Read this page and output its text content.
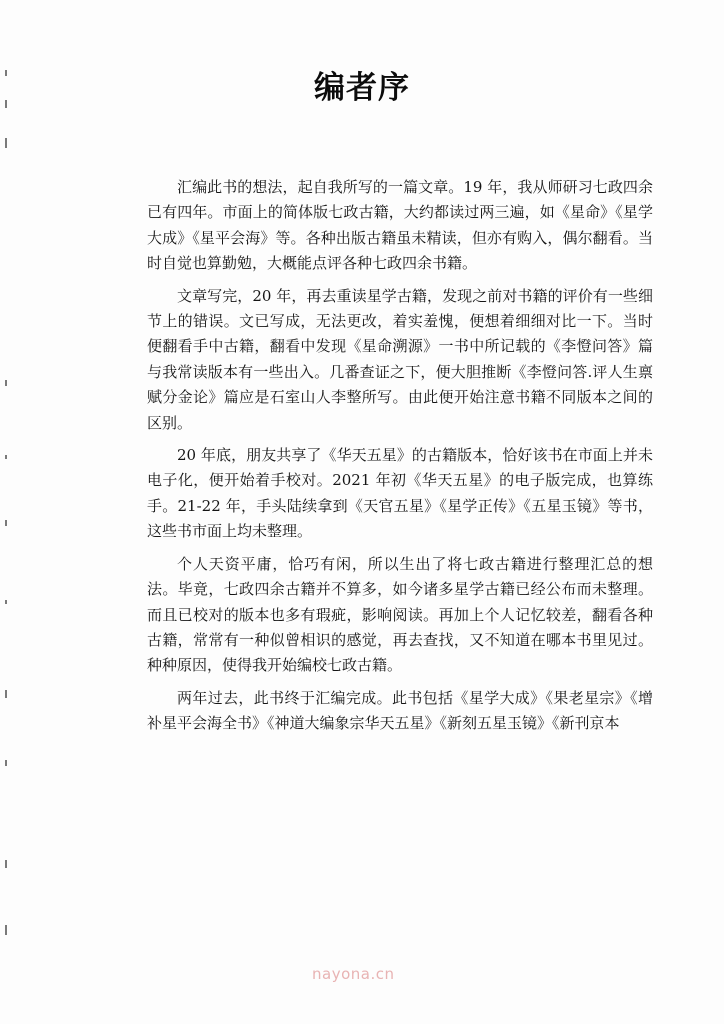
编者序

汇编此书的想法，起自我所写的一篇文章。19 年，我从师研习七政四余已有四年。市面上的简体版七政古籍，大约都读过两三遍，如《星命》《星学大成》《星平会海》等。各种出版古籍虽未精读，但亦有购入，偶尔翻看。当时自觉也算勤勉，大概能点评各种七政四余书籍。

文章写完，20 年，再去重读星学古籍，发现之前对书籍的评价有一些细节上的错误。文已写成，无法更改，着实羞愧，便想着细细对比一下。当时便翻看手中古籍，翻看中发现《星命溯源》一书中所记载的《李憕问答》篇与我常读版本有一些出入。几番查证之下，便大胆推断《李憕问答.评人生禀赋分金论》篇应是石室山人李整所写。由此便开始注意书籍不同版本之间的区别。

20 年底，朋友共享了《华天五星》的古籍版本，恰好该书在市面上并未电子化，便开始着手校对。2021 年初《华天五星》的电子版完成，也算练手。21-22 年，手头陆续拿到《天官五星》《星学正传》《五星玉镜》等书，这些书市面上均未整理。

个人天资平庸，恰巧有闲，所以生出了将七政古籍进行整理汇总的想法。毕竟，七政四余古籍并不算多，如今诸多星学古籍已经公布而未整理。而且已校对的版本也多有瑕疵，影响阅读。再加上个人记忆较差，翻看各种古籍，常常有一种似曾相识的感觉，再去查找，又不知道在哪本书里见过。种种原因，使得我开始编校七政古籍。

两年过去，此书终于汇编完成。此书包括《星学大成》《果老星宗》《增补星平会海全书》《神道大编象宗华天五星》《新刻五星玉镜》《新刊京本

nayona.cn
